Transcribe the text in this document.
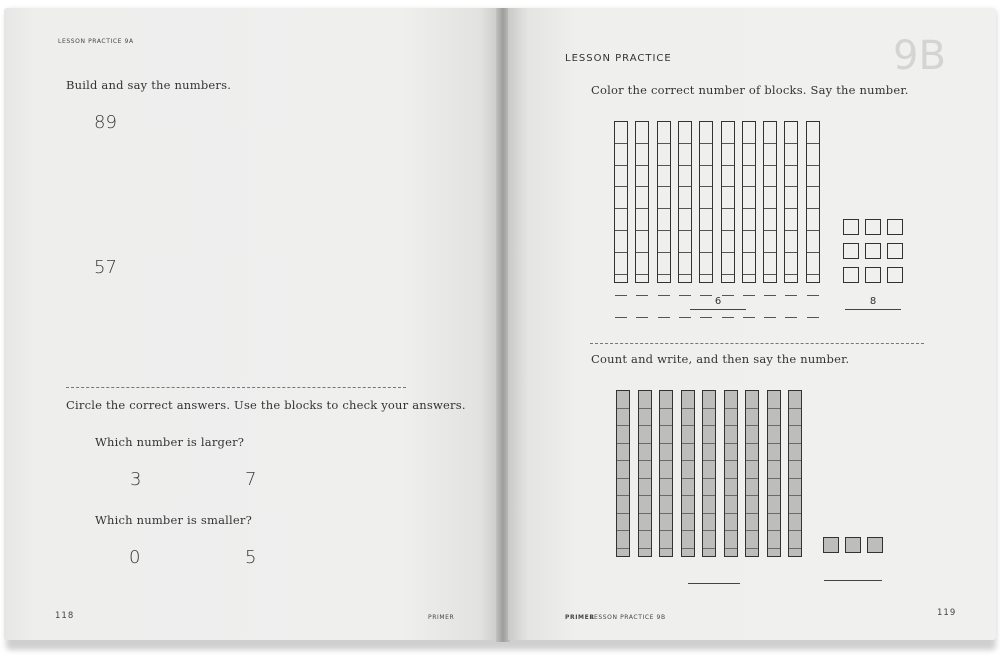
LESSON PRACTICE 9A
Build and say the numbers.
89
57
Circle the correct answers. Use the blocks to check your answers.
Which number is larger?
3	7
Which number is smaller?
0	5
118	PRIMER
LESSON PRACTICE	9B
Color the correct number of blocks. Say the number.
6	8
Count and write, and then say the number.
PRIMER
LESSON PRACTICE 9B	119
